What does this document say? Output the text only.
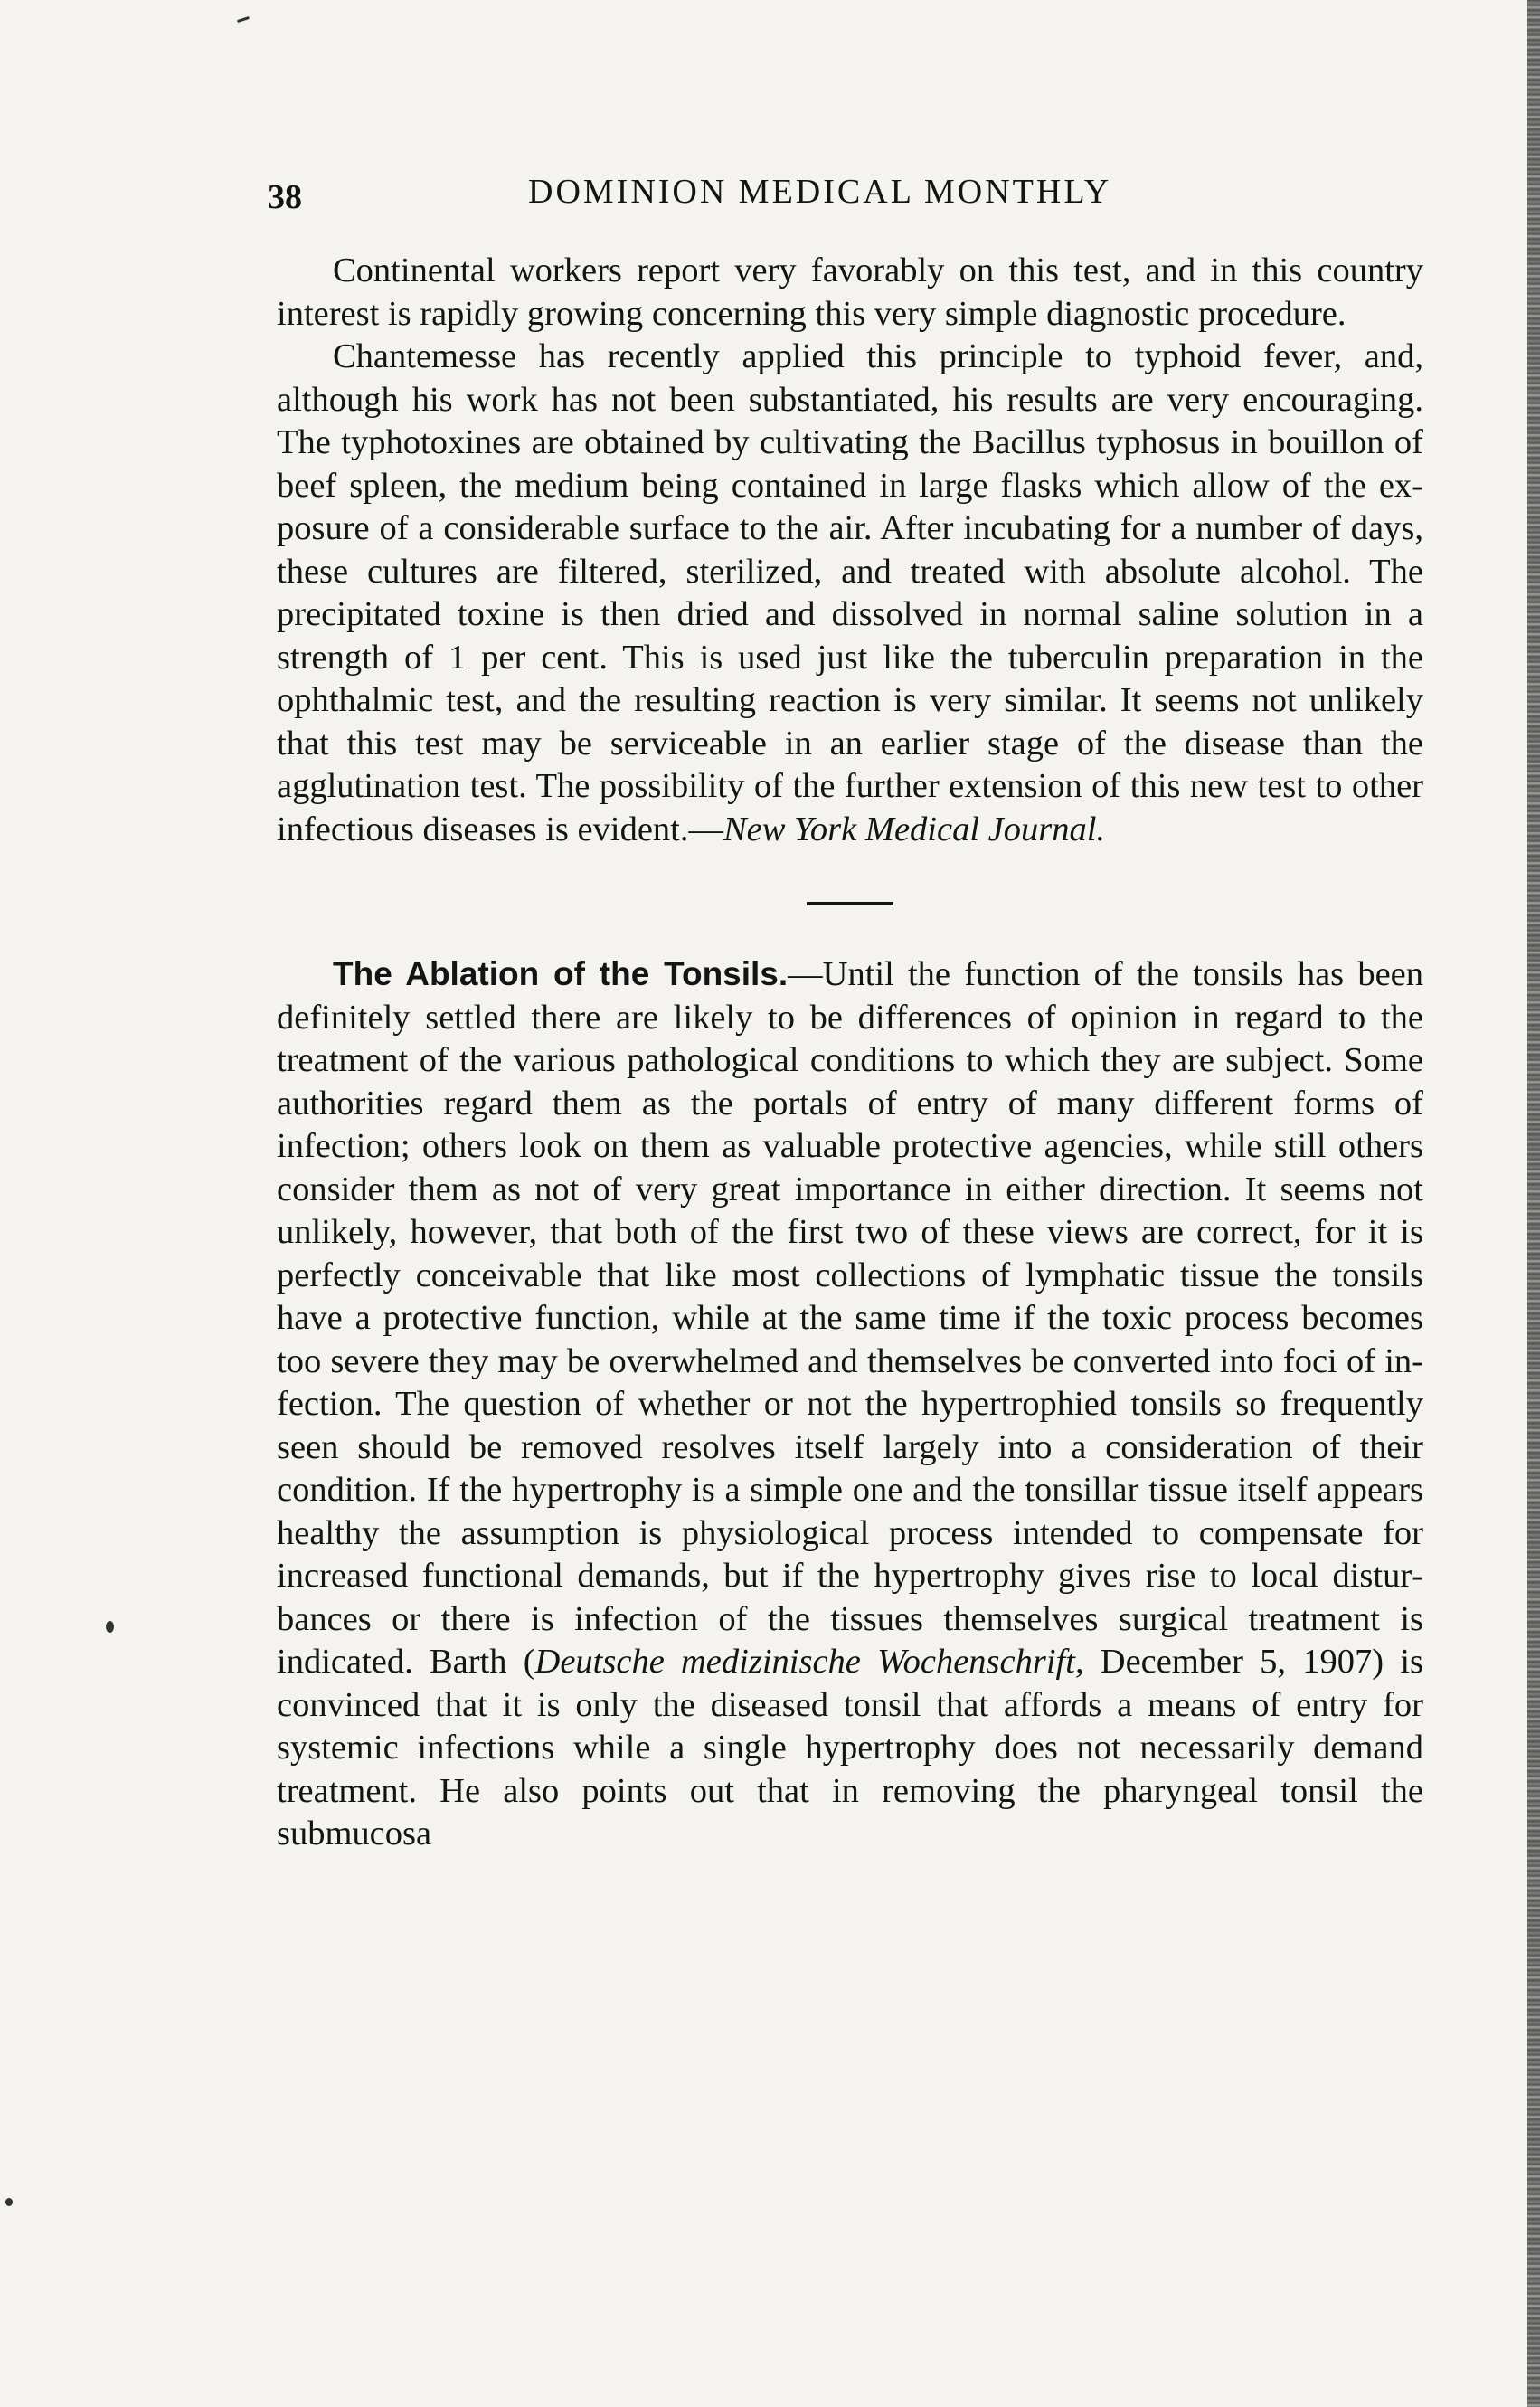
38	DOMINION MEDICAL MONTHLY

Continental workers report very favorably on this test, and in this country interest is rapidly growing concerning this very simple diagnostic procedure.

Chantemesse has recently applied this principle to typhoid fever, and, although his work has not been substantiated, his results are very encouraging. The typhotoxines are obtained by cultivating the Bacillus typhosus in bouillon of beef spleen, the medium being contained in large flasks which allow of the exposure of a considerable surface to the air. After incubating for a number of days, these cultures are filtered, sterilized, and treated with absolute alcohol. The precipitated toxine is then dried and dissolved in normal saline solution in a strength of 1 per cent. This is used just like the tuberculin preparation in the ophthalmic test, and the resulting reaction is very similar. It seems not unlikely that this test may be serviceable in an earlier stage of the disease than the agglutination test. The possibility of the further extension of this new test to other infectious diseases is evident.—New York Medical Journal.

The Ablation of the Tonsils.—Until the function of the tonsils has been definitely settled there are likely to be differences of opinion in regard to the treatment of the various pathological conditions to which they are subject. Some authorities regard them as the portals of entry of many different forms of infection; others look on them as valuable protective agencies, while still others consider them as not of very great importance in either direction. It seems not unlikely, however, that both of the first two of these views are correct, for it is perfectly conceivable that like most collections of lymphatic tissue the tonsils have a protective function, while at the same time if the toxic process becomes too severe they may be overwhelmed and themselves be converted into foci of infection. The question of whether or not the hypertrophied tonsils so frequently seen should be removed resolves itself largely into a consideration of their condition. If the hypertrophy is a simple one and the tonsillar tissue itself appears healthy the assumption is physiological process intended to compensate for increased functional demands, but if the hypertrophy gives rise to local disturbances or there is infection of the tissues themselves surgical treatment is indicated. Barth (Deutsche medizinische Wochenschrift, December 5, 1907) is convinced that it is only the diseased tonsil that affords a means of entry for systemic infections while a single hypertrophy does not necessarily demand treatment. He also points out that in removing the pharyngeal tonsil the submucosa
